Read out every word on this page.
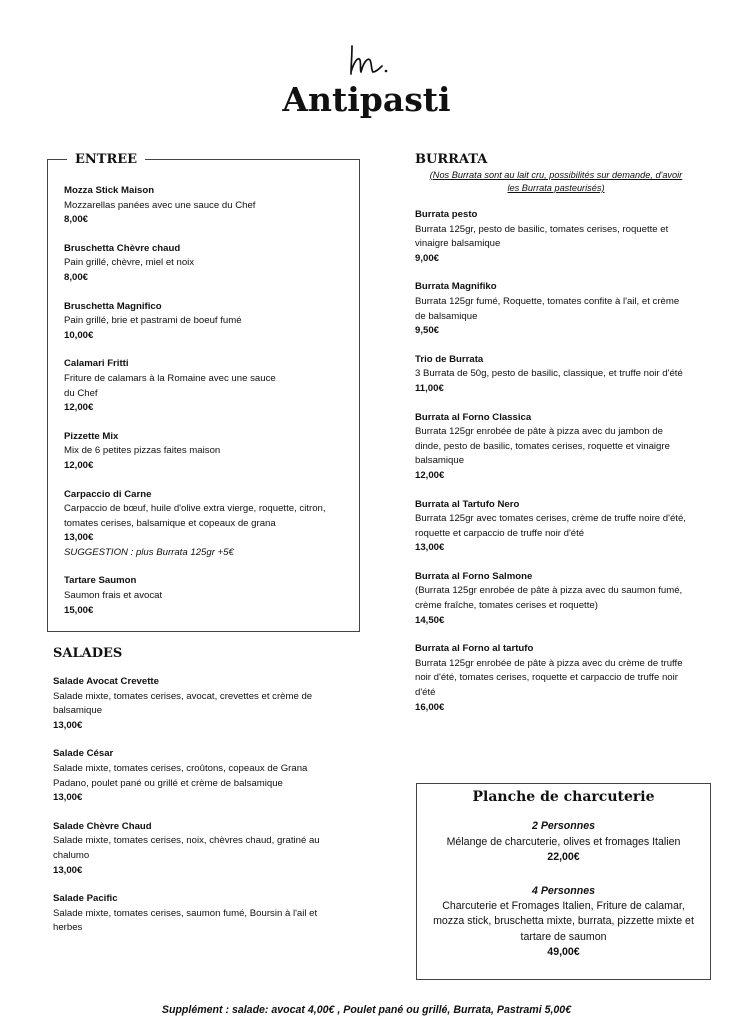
Antipasti
ENTREE
Mozza Stick Maison
Mozzarellas panées avec une sauce du Chef
8,00€
Bruschetta Chèvre chaud
Pain grillé, chèvre, miel et noix
8,00€
Bruschetta Magnifico
Pain grillé, brie et pastrami de boeuf fumé
10,00€
Calamari Fritti
Friture de calamars à la Romaine avec une sauce
du Chef
12,00€
Pizzette Mix
Mix de 6 petites pizzas faites maison
12,00€
Carpaccio di Carne
Carpaccio de bœuf, huile d'olive extra vierge, roquette, citron,
tomates cerises, balsamique et copeaux de grana
13,00€
SUGGESTION : plus Burrata 125gr +5€
Tartare Saumon
Saumon frais et avocat
15,00€
SALADES
Salade Avocat Crevette
Salade mixte, tomates cerises, avocat, crevettes et crème de
balsamique
13,00€
Salade César
Salade mixte, tomates cerises, croûtons, copeaux de Grana
Padano, poulet pané ou grillé et crème de balsamique
13,00€
Salade Chèvre Chaud
Salade mixte, tomates cerises, noix, chèvres chaud, gratiné au
chalumo
13,00€
Salade Pacific
Salade mixte, tomates cerises, saumon fumé, Boursin à l'ail et
herbes
BURRATA
(Nos Burrata sont au lait cru, possibilités sur demande, d'avoir
les Burrata pasteurisés)
Burrata pesto
Burrata 125gr, pesto de basilic, tomates cerises, roquette et
vinaigre balsamique
9,00€
Burrata Magnifiko
Burrata 125gr fumé, Roquette, tomates confite à l'ail, et crème
de balsamique
9,50€
Trio de Burrata
3 Burrata de 50g, pesto de basilic, classique, et truffe noir d'été
11,00€
Burrata al Forno Classica
Burrata 125gr enrobée de pâte à pizza avec du jambon de
dinde, pesto de basilic, tomates cerises, roquette et vinaigre
balsamique
12,00€
Burrata al Tartufo Nero
Burrata 125gr avec tomates cerises, crème de truffe noire d'été,
roquette et carpaccio de truffe noir d'été
13,00€
Burrata al Forno Salmone
(Burrata 125gr enrobée de pâte à pizza avec du saumon fumé,
crème fraîche, tomates cerises et roquette)
14,50€
Burrata al Forno al tartufo
Burrata 125gr enrobée de pâte à pizza avec du crème de truffe
noir d'été, tomates cerises, roquette et carpaccio de truffe noir
d'été
16,00€
Planche de charcuterie
2 Personnes
Mélange de charcuterie, olives et fromages Italien
22,00€
4 Personnes
Charcuterie et Fromages Italien, Friture de calamar,
mozza stick, bruschetta mixte, burrata, pizzette mixte et
tartare de saumon
49,00€
Supplément : salade: avocat 4,00€ , Poulet pané ou grillé, Burrata, Pastrami 5,00€
